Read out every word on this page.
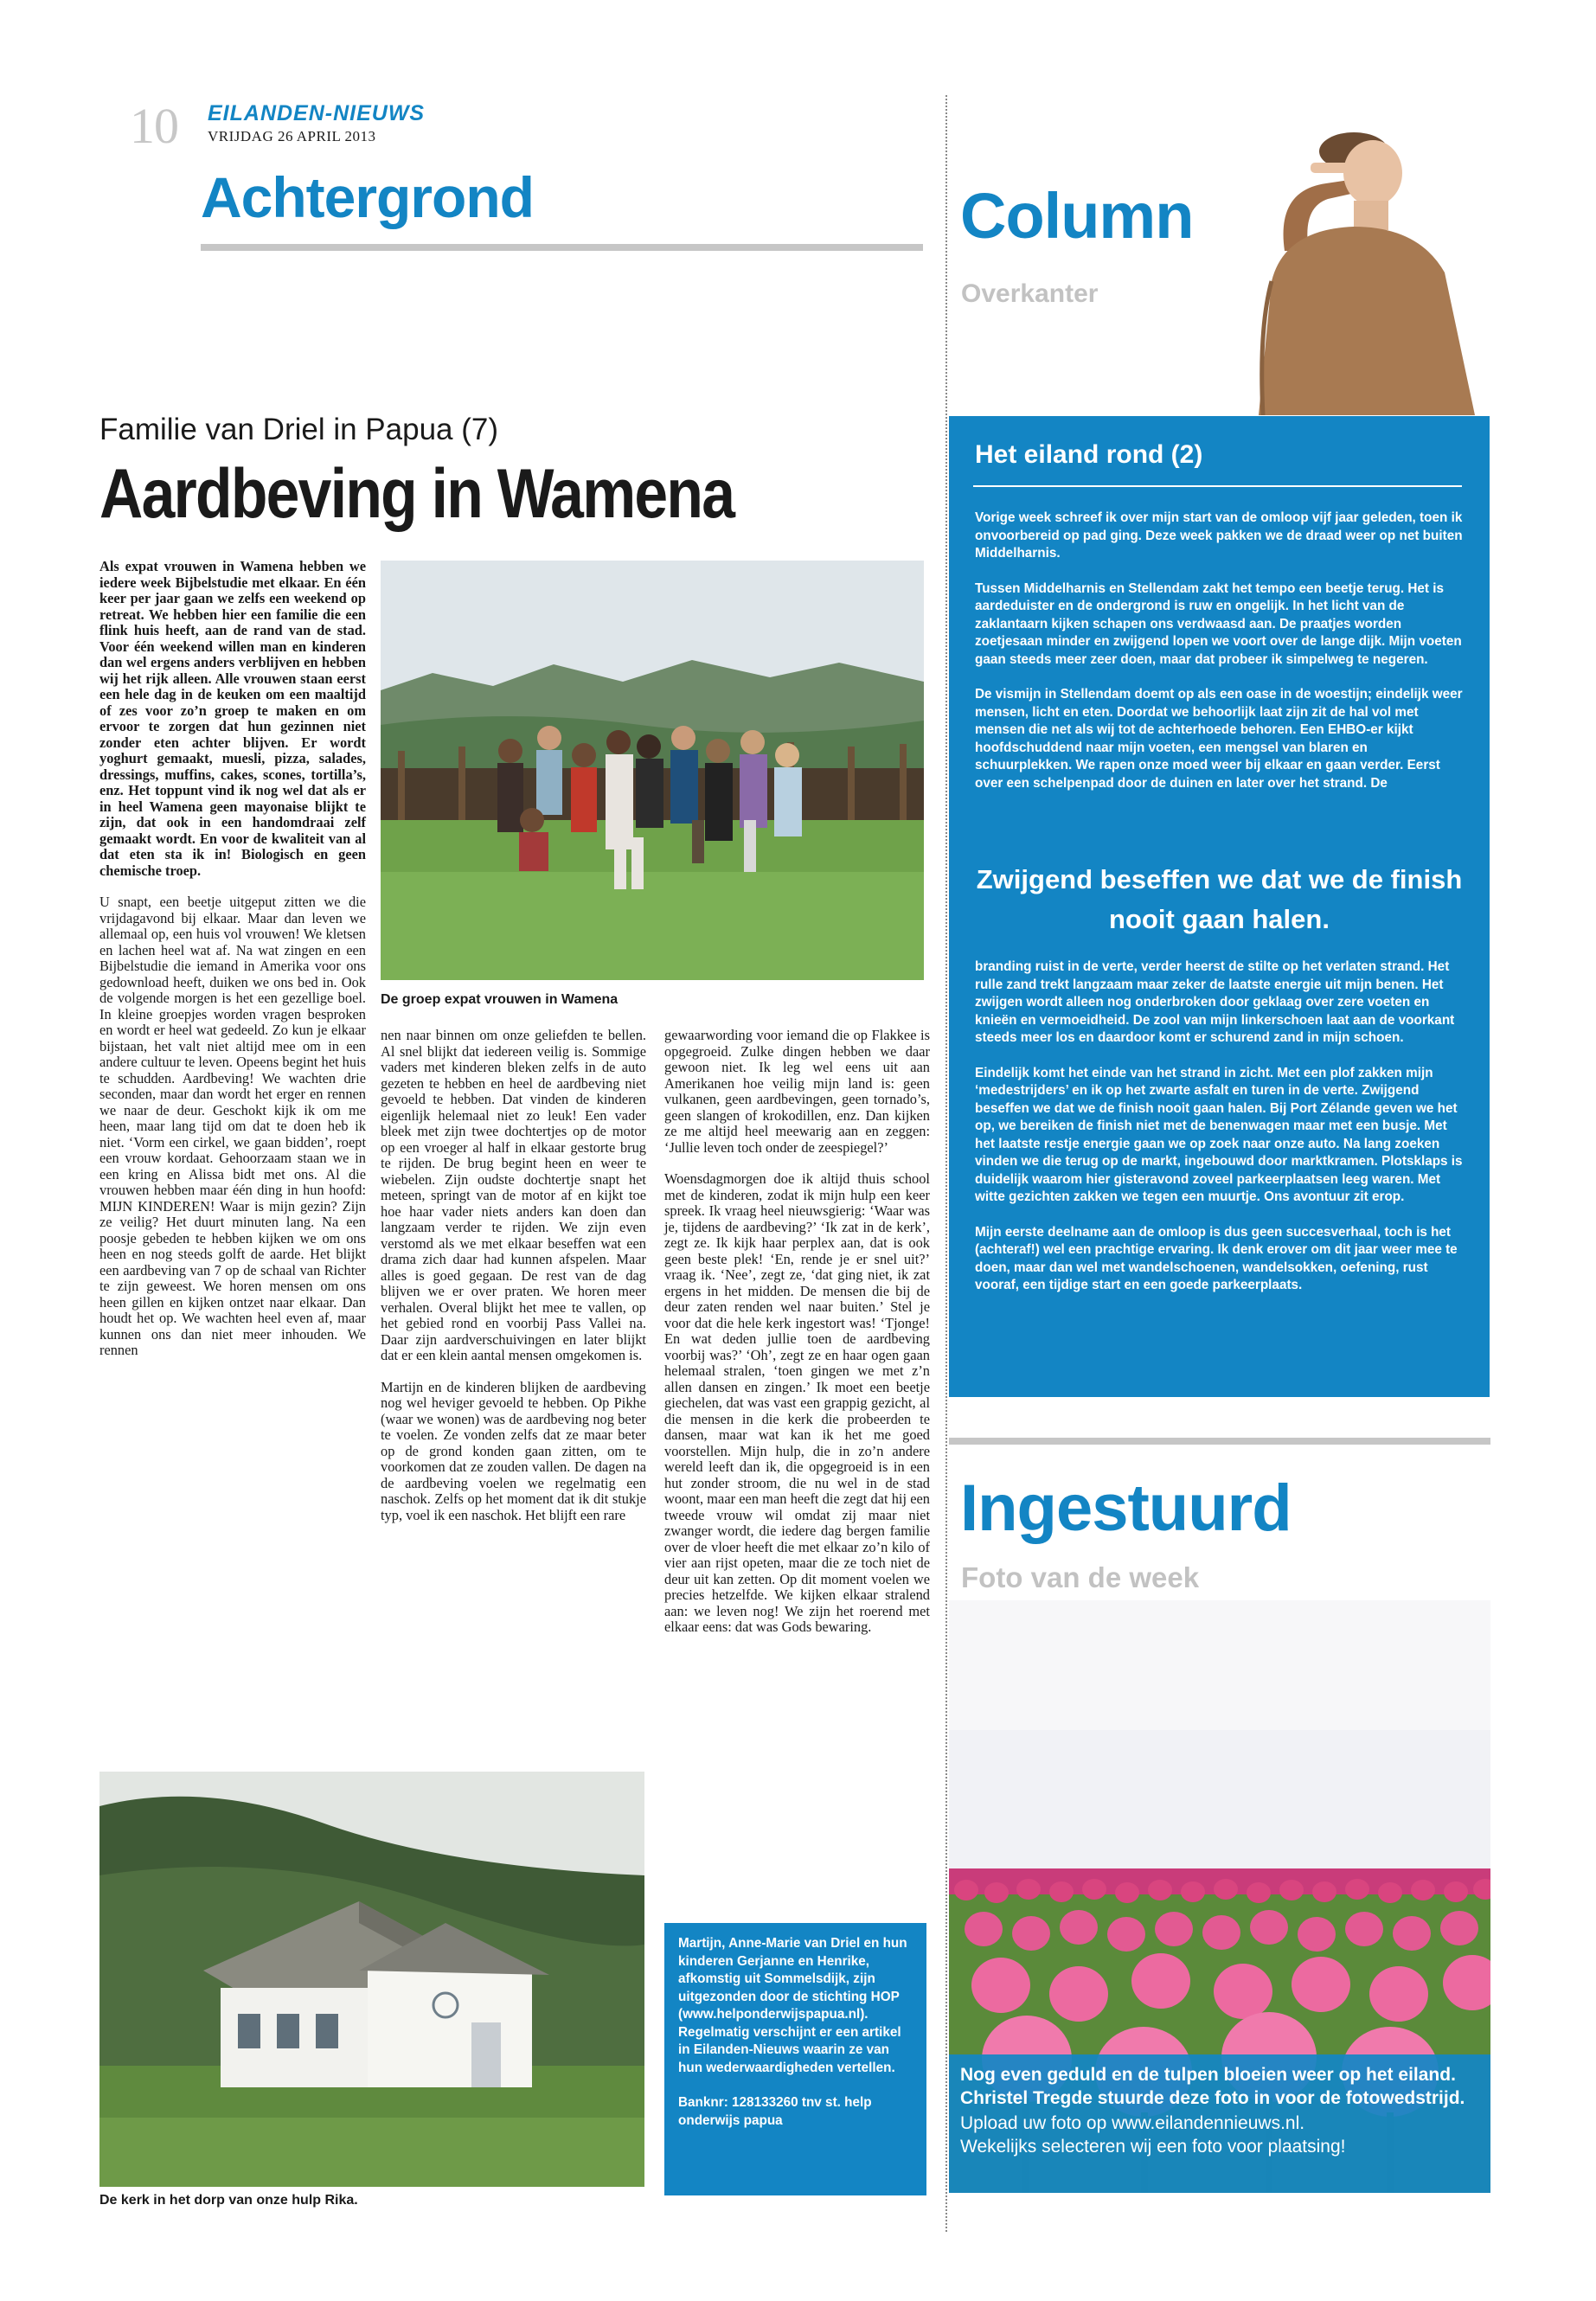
10 EILANDEN-NIEUWS
VRIJDAG 26 APRIL 2013
Achtergrond
Familie van Driel in Papua (7)
Aardbeving in Wamena

Als expat vrouwen in Wamena hebben we iedere week Bijbelstudie met elkaar. En één keer per jaar gaan we zelfs een weekend op retreat. We hebben hier een familie die een flink huis heeft, aan de rand van de stad. Voor één weekend willen man en kinderen dan wel ergens anders verblijven en hebben wij het rijk alleen. Alle vrouwen staan eerst een hele dag in de keuken om een maaltijd of zes voor zo’n groep te maken en om ervoor te zorgen dat hun gezinnen niet zonder eten achter blijven. Er wordt yoghurt gemaakt, muesli, pizza, salades, dressings, muffins, cakes, scones, tortilla’s, enz. Het toppunt vind ik nog wel dat als er in heel Wamena geen mayonaise blijkt te zijn, dat ook in een handomdraai zelf gemaakt wordt. En voor de kwaliteit van al dat eten sta ik in! Biologisch en geen chemische troep.

U snapt, een beetje uitgeput zitten we die vrijdagavond bij elkaar. Maar dan leven we allemaal op, een huis vol vrouwen! We kletsen en lachen heel wat af. Na wat zingen en een Bijbelstudie die iemand in Amerika voor ons gedownload heeft, duiken we ons bed in. Ook de volgende morgen is het een gezellige boel. In kleine groepjes worden vragen besproken en wordt er heel wat gedeeld. Zo kun je elkaar bijstaan, het valt niet altijd mee om in een andere cultuur te leven. Opeens begint het huis te schudden. Aardbeving! We wachten drie seconden, maar dan wordt het erger en rennen we naar de deur. Geschokt kijk ik om me heen, maar lang tijd om dat te doen heb ik niet. ‘Vorm een cirkel, we gaan bidden’, roept een vrouw kordaat. Gehoorzaam staan we in een kring en Alissa bidt met ons. Al die vrouwen hebben maar één ding in hun hoofd: MIJN KINDEREN! Waar is mijn gezin? Zijn ze veilig? Het duurt minuten lang. Na een poosje gebeden te hebben kijken we om ons heen en nog steeds golft de aarde. Het blijkt een aardbeving van 7 op de schaal van Richter te zijn geweest. We horen mensen om ons heen gillen en kijken ontzet naar elkaar. Dan houdt het op. We wachten heel even af, maar kunnen ons dan niet meer inhouden. We rennen

De groep expat vrouwen in Wamena

nen naar binnen om onze geliefden te bellen. Al snel blijkt dat iedereen veilig is. Sommige vaders met kinderen bleken zelfs in de auto gezeten te hebben en heel de aardbeving niet gevoeld te hebben. Dat vinden de kinderen eigenlijk helemaal niet zo leuk! Een vader bleek met zijn twee dochtertjes op de motor op een vroeger al half in elkaar gestorte brug te rijden. De brug begint heen en weer te wiebelen. Zijn oudste dochtertje snapt het meteen, springt van de motor af en kijkt toe hoe haar vader niets anders kan doen dan langzaam verder te rijden. We zijn even verstomd als we met elkaar beseffen wat een drama zich daar had kunnen afspelen. Maar alles is goed gegaan. De rest van de dag blijven we er over praten. We horen meer verhalen. Overal blijkt het mee te vallen, op het gebied rond en voorbij Pass Vallei na. Daar zijn aardverschuivingen en later blijkt dat er een klein aantal mensen omgekomen is.

Martijn en de kinderen blijken de aardbeving nog wel heviger gevoeld te hebben. Op Pikhe (waar we wonen) was de aardbeving nog beter te voelen. Ze vonden zelfs dat ze maar beter op de grond konden gaan zitten, om te voorkomen dat ze zouden vallen. De dagen na de aardbeving voelen we regelmatig een naschok. Zelfs op het moment dat ik dit stukje typ, voel ik een naschok. Het blijft een rare

gewaarwording voor iemand die op Flakkee is opgegroeid. Zulke dingen hebben we daar gewoon niet. Ik leg wel eens uit aan Amerikanen hoe veilig mijn land is: geen vulkanen, geen aardbevingen, geen tornado’s, geen slangen of krokodillen, enz. Dan kijken ze me altijd heel meewarig aan en zeggen: ‘Jullie leven toch onder de zeespiegel?’

Woensdagmorgen doe ik altijd thuis school met de kinderen, zodat ik mijn hulp een keer spreek. Ik vraag heel nieuwsgierig: ‘Waar was je, tijdens de aardbeving?’ ‘Ik zat in de kerk’, zegt ze. Ik kijk haar perplex aan, dat is ook geen beste plek! ‘En, rende je er snel uit?’ vraag ik. ‘Nee’, zegt ze, ‘dat ging niet, ik zat ergens in het midden. De mensen die bij de deur zaten renden wel naar buiten.’ Stel je voor dat die hele kerk ingestort was! ‘Tjonge! En wat deden jullie toen de aardbeving voorbij was?’ ‘Oh’, zegt ze en haar ogen gaan helemaal stralen, ‘toen gingen we met z’n allen dansen en zingen.’ Ik moet een beetje giechelen, dat was vast een grappig gezicht, al die mensen in die kerk die probeerden te dansen, maar wat kan ik het me goed voorstellen. Mijn hulp, die in zo’n andere wereld leeft dan ik, die opgegroeid is in een hut zonder stroom, die nu wel in de stad woont, maar een man heeft die zegt dat hij een tweede vrouw wil omdat zij maar niet zwanger wordt, die iedere dag bergen familie over de vloer heeft die met elkaar zo’n kilo of vier aan rijst opeten, maar die ze toch niet de deur uit kan zetten. Op dit moment voelen we precies hetzelfde. We kijken elkaar stralend aan: we leven nog! We zijn het roerend met elkaar eens: dat was Gods bewaring.

De kerk in het dorp van onze hulp Rika.

Martijn, Anne-Marie van Driel en hun kinderen Gerjanne en Henrike, afkomstig uit Sommelsdijk, zijn uitgezonden door de stichting HOP (www.helponderwijspapua.nl). Regelmatig verschijnt er een artikel in Eilanden-Nieuws waarin ze van hun wederwaardigheden vertellen.

Banknr: 128133260 tnv st. help onderwijs papua

Column
Overkanter
Het eiland rond (2)

Vorige week schreef ik over mijn start van de omloop vijf jaar geleden, toen ik onvoorbereid op pad ging. Deze week pakken we de draad weer op net buiten Middelharnis.

Tussen Middelharnis en Stellendam zakt het tempo een beetje terug. Het is aardeduister en de ondergrond is ruw en ongelijk. In het licht van de zaklantaarn kijken schapen ons verdwaasd aan. De praatjes worden zoetjesaan minder en zwijgend lopen we voort over de lange dijk. Mijn voeten gaan steeds meer zeer doen, maar dat probeer ik simpelweg te negeren.

De vismijn in Stellendam doemt op als een oase in de woestijn; eindelijk weer mensen, licht en eten. Doordat we behoorlijk laat zijn zit de hal vol met mensen die net als wij tot de achterhoede behoren. Een EHBO-er kijkt hoofdschuddend naar mijn voeten, een mengsel van blaren en schuurplekken. We rapen onze moed weer bij elkaar en gaan verder. Eerst over een schelpenpad door de duinen en later over het strand. De

Zwijgend beseffen we dat we de finish nooit gaan halen.

branding ruist in de verte, verder heerst de stilte op het verlaten strand. Het rulle zand trekt langzaam maar zeker de laatste energie uit mijn benen. Het zwijgen wordt alleen nog onderbroken door geklaag over zere voeten en knieën en vermoeidheid. De zool van mijn linkerschoen laat aan de voorkant steeds meer los en daardoor komt er schurend zand in mijn schoen.

Eindelijk komt het einde van het strand in zicht. Met een plof zakken mijn ‘medestrijders’ en ik op het zwarte asfalt en turen in de verte. Zwijgend beseffen we dat we de finish nooit gaan halen. Bij Port Zélande geven we het op, we bereiken de finish niet met de benenwagen maar met een busje. Met het laatste restje energie gaan we op zoek naar onze auto. Na lang zoeken vinden we die terug op de markt, ingebouwd door marktkramen. Plotsklaps is duidelijk waarom hier gisteravond zoveel parkeerplaatsen leeg waren. Met witte gezichten zakken we tegen een muurtje. Ons avontuur zit erop.

Mijn eerste deelname aan de omloop is dus geen succesverhaal, toch is het (achteraf!) wel een prachtige ervaring. Ik denk erover om dit jaar weer mee te doen, maar dan wel met wandelschoenen, wandelsokken, oefening, rust vooraf, een tijdige start en een goede parkeerplaats.

Ingestuurd
Foto van de week
Nog even geduld en de tulpen bloeien weer op het eiland. Christel Tregde stuurde deze foto in voor de fotowedstrijd.
Upload uw foto op www.eilandennieuws.nl.
Wekelijks selecteren wij een foto voor plaatsing!
